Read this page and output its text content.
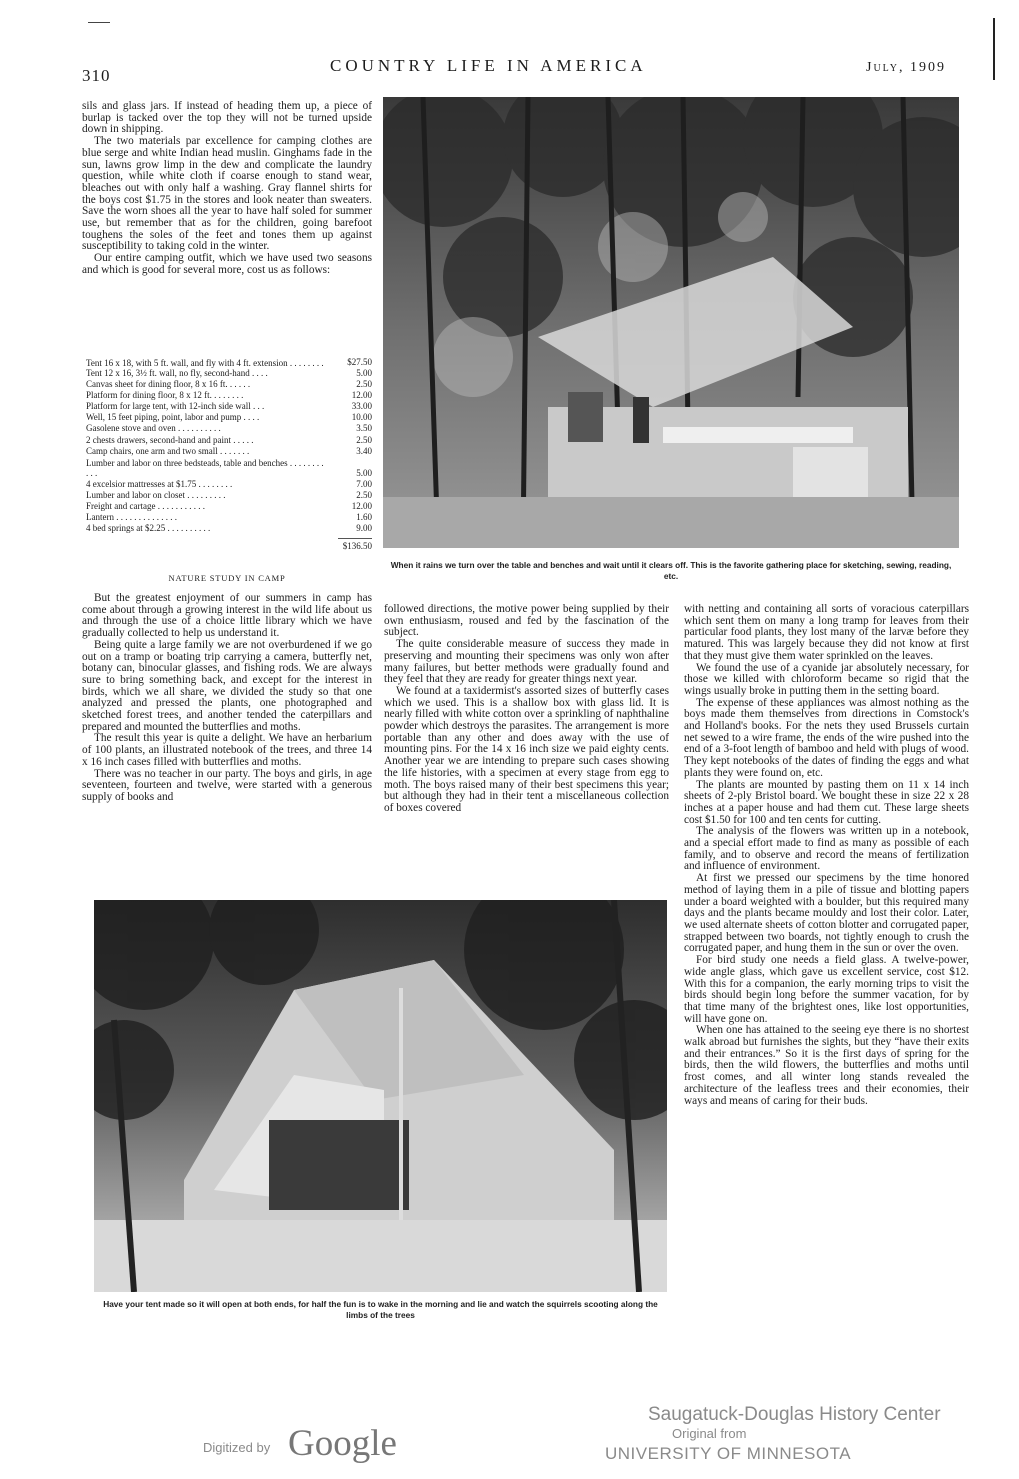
310
COUNTRY LIFE IN AMERICA	July, 1909

sils and glass jars. If instead of heading them up, a piece of burlap is tacked over the top they will not be turned upside down in shipping.

The two materials par excellence for camping clothes are blue serge and white Indian head muslin. Ginghams fade in the sun, lawns grow limp in the dew and complicate the laundry question, while white cloth if coarse enough to stand wear, bleaches out with only half a washing. Gray flannel shirts for the boys cost $1.75 in the stores and look neater than sweaters. Save the worn shoes all the year to have half soled for summer use, but remember that as for the children, going barefoot toughens the soles of the feet and tones them up against susceptibility to taking cold in the winter.

Our entire camping outfit, which we have used two seasons and which is good for several more, cost us as follows:

Tent 16 x 18, with 5 ft. wall, and fly with 4 ft. extension . . . . . . . .	$27.50
Tent 12 x 16, 3½ ft. wall, no fly, second-hand . . . .	5.00
Canvas sheet for dining floor, 8 x 16 ft. . . . . .	2.50
Platform for dining floor, 8 x 12 ft. . . . . . . .	12.00
Platform for large tent, with 12-inch side wall . . .	33.00
Well, 15 feet piping, point, labor and pump . . . .	10.00
Gasolene stove and oven . . . . . . . . . .	3.50
2 chests drawers, second-hand and paint . . . . .	2.50
Camp chairs, one arm and two small . . . . . . .	3.40
Lumber and labor on three bedsteads, table and benches . . . . . . . . . . .	5.00
4 excelsior mattresses at $1.75 . . . . . . . .	7.00
Lumber and labor on closet . . . . . . . . .	2.50
Freight and cartage . . . . . . . . . . .	12.00
Lantern . . . . . . . . . . . . . .	1.60
4 bed springs at $2.25 . . . . . . . . . .	9.00
$136.50
NATURE STUDY IN CAMP

But the greatest enjoyment of our summers in camp has come about through a growing interest in the wild life about us and through the use of a choice little library which we have gradually collected to help us understand it.

Being quite a large family we are not overburdened if we go out on a tramp or boating trip carrying a camera, butterfly net, botany can, binocular glasses, and fishing rods. We are always sure to bring something back, and except for the interest in birds, which we all share, we divided the study so that one analyzed and pressed the plants, one photographed and sketched forest trees, and another tended the caterpillars and prepared and mounted the butterflies and moths.

The result this year is quite a delight. We have an herbarium of 100 plants, an illustrated notebook of the trees, and three 14 x 16 inch cases filled with butterflies and moths.

There was no teacher in our party. The boys and girls, in age seventeen, fourteen and twelve, were started with a generous supply of books and

followed directions, the motive power being supplied by their own enthusiasm, roused and fed by the fascination of the subject.

The quite considerable measure of success they made in preserving and mounting their specimens was only won after many failures, but better methods were gradually found and they feel that they are ready for greater things next year.

We found at a taxidermist's assorted sizes of butterfly cases which we used. This is a shallow box with glass lid. It is nearly filled with white cotton over a sprinkling of naphthaline powder which destroys the parasites. The arrangement is more portable than any other and does away with the use of mounting pins. For the 14 x 16 inch size we paid eighty cents. Another year we are intending to prepare such cases showing the life histories, with a specimen at every stage from egg to moth. The boys raised many of their best specimens this year; but although they had in their tent a miscellaneous collection of boxes covered

with netting and containing all sorts of voracious caterpillars which sent them on many a long tramp for leaves from their particular food plants, they lost many of the larvæ before they matured. This was largely because they did not know at first that they must give them water sprinkled on the leaves.

We found the use of a cyanide jar absolutely necessary, for those we killed with chloroform became so rigid that the wings usually broke in putting them in the setting board.

The expense of these appliances was almost nothing as the boys made them themselves from directions in Comstock's and Holland's books. For the nets they used Brussels curtain net sewed to a wire frame, the ends of the wire pushed into the end of a 3-foot length of bamboo and held with plugs of wood. They kept notebooks of the dates of finding the eggs and what plants they were found on, etc.

The plants are mounted by pasting them on 11 x 14 inch sheets of 2-ply Bristol board. We bought these in size 22 x 28 inches at a paper house and had them cut. These large sheets cost $1.50 for 100 and ten cents for cutting.

The analysis of the flowers was written up in a notebook, and a special effort made to find as many as possible of each family, and to observe and record the means of fertilization and influence of environment.

At first we pressed our specimens by the time honored method of laying them in a pile of tissue and blotting papers under a board weighted with a boulder, but this required many days and the plants became mouldy and lost their color. Later, we used alternate sheets of cotton blotter and corrugated paper, strapped between two boards, not tightly enough to crush the corrugated paper, and hung them in the sun or over the oven.

For bird study one needs a field glass. A twelve-power, wide angle glass, which gave us excellent service, cost $12. With this for a companion, the early morning trips to visit the birds should begin long before the summer vacation, for by that time many of the brightest ones, like lost opportunities, will have gone on.

When one has attained to the seeing eye there is no shortest walk abroad but furnishes the sights, but they “have their exits and their entrances.” So it is the first days of spring for the birds, then the wild flowers, the butterflies and moths until frost comes, and all winter long stands revealed the architecture of the leafless trees and their economies, their ways and means of caring for their buds.

When it rains we turn over the table and benches and wait until it clears off. This is the favorite gathering place for sketching, sewing, reading, etc.
Have your tent made so it will open at both ends, for half the fun is to wake in the morning and lie and watch the squirrels scooting along the limbs of the trees
Saugatuck-Douglas History Center
Digitized by Google	Original from
UNIVERSITY OF MINNESOTA
